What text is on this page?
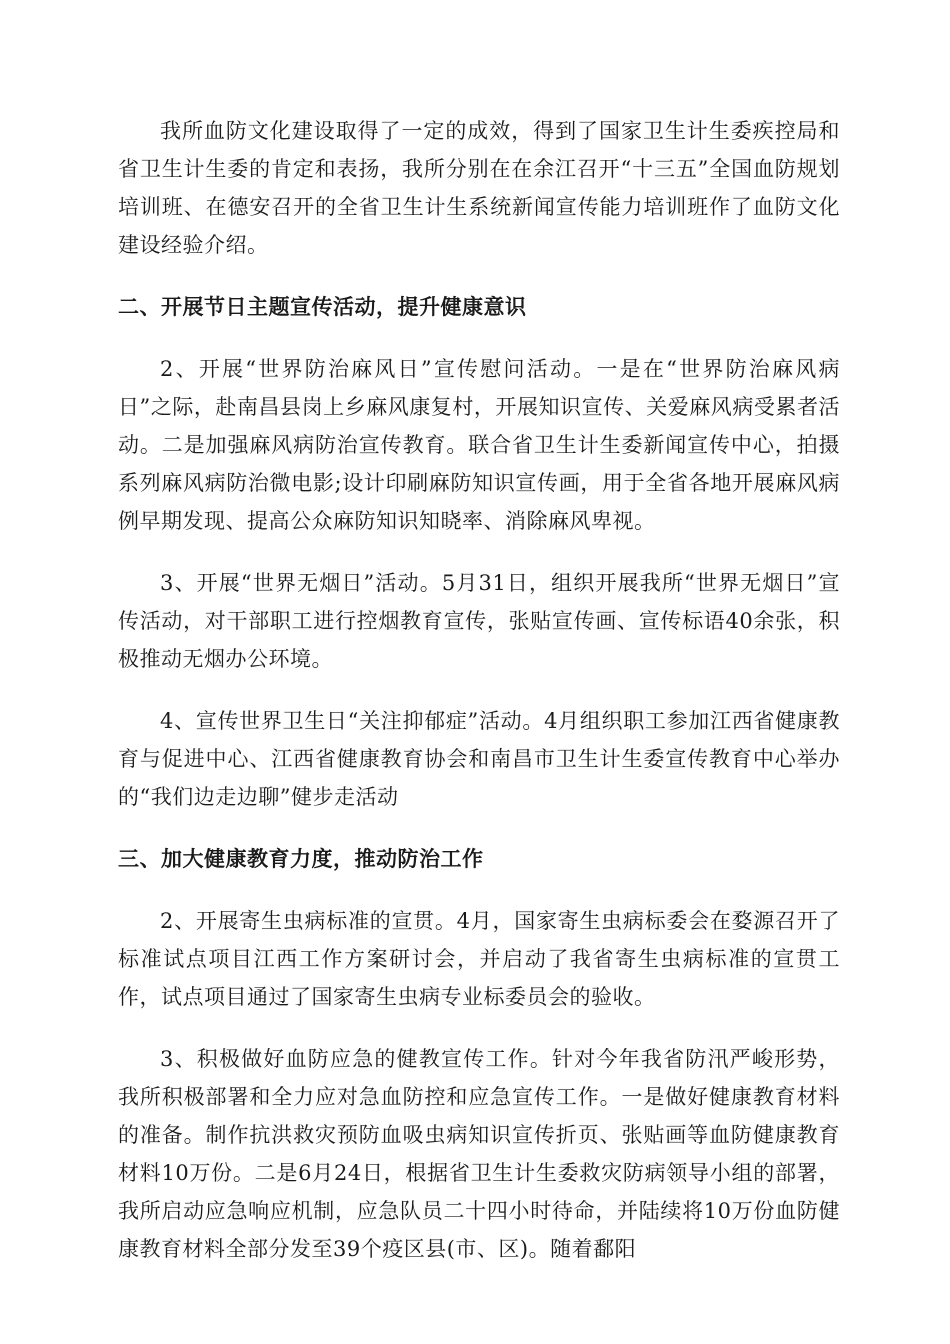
我所血防文化建设取得了一定的成效，得到了国家卫生计生委疾控局和省卫生计生委的肯定和表扬，我所分别在在余江召开“十三五”全国血防规划培训班、在德安召开的全省卫生计生系统新闻宣传能力培训班作了血防文化建设经验介绍。

二、开展节日主题宣传活动，提升健康意识

2、开展“世界防治麻风日”宣传慰问活动。一是在“世界防治麻风病日”之际，赴南昌县岗上乡麻风康复村，开展知识宣传、关爱麻风病受累者活动。二是加强麻风病防治宣传教育。联合省卫生计生委新闻宣传中心，拍摄系列麻风病防治微电影;设计印刷麻防知识宣传画，用于全省各地开展麻风病例早期发现、提高公众麻防知识知晓率、消除麻风卑视。

3、开展“世界无烟日”活动。5月31日，组织开展我所“世界无烟日”宣传活动，对干部职工进行控烟教育宣传，张贴宣传画、宣传标语40余张，积极推动无烟办公环境。

4、宣传世界卫生日“关注抑郁症”活动。4月组织职工参加江西省健康教育与促进中心、江西省健康教育协会和南昌市卫生计生委宣传教育中心举办的“我们边走边聊”健步走活动

三、加大健康教育力度，推动防治工作

2、开展寄生虫病标准的宣贯。4月，国家寄生虫病标委会在婺源召开了标准试点项目江西工作方案研讨会，并启动了我省寄生虫病标准的宣贯工作，试点项目通过了国家寄生虫病专业标委员会的验收。

3、积极做好血防应急的健教宣传工作。针对今年我省防汛严峻形势，我所积极部署和全力应对急血防控和应急宣传工作。一是做好健康教育材料的准备。制作抗洪救灾预防血吸虫病知识宣传折页、张贴画等血防健康教育材料10万份。二是6月24日，根据省卫生计生委救灾防病领导小组的部署，我所启动应急响应机制，应急队员二十四小时待命，并陆续将10万份血防健康教育材料全部分发至39个疫区县(市、区)。随着鄱阳
